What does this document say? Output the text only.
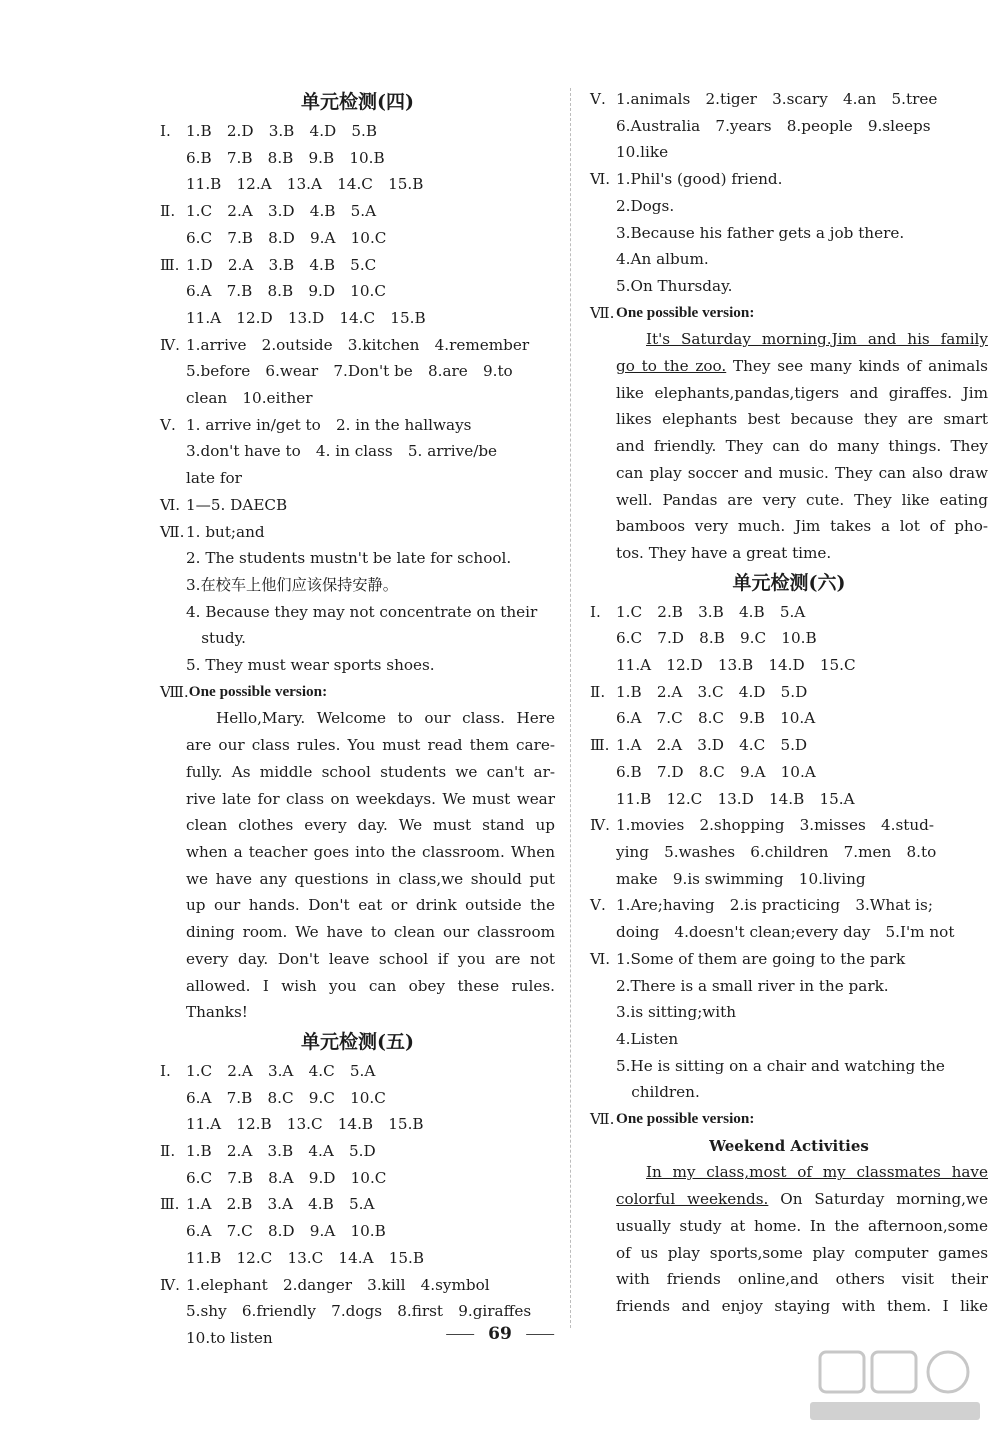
单元检测(四)
Ⅰ. 1.B　2.D　3.B　4.D　5.B
6.B　7.B　8.B　9.B　10.B
11.B　12.A　13.A　14.C　15.B
Ⅱ. 1.C　2.A　3.D　4.B　5.A
6.C　7.B　8.D　9.A　10.C
Ⅲ. 1.D　2.A　3.B　4.B　5.C
6.A　7.B　8.B　9.D　10.C
11.A　12.D　13.D　14.C　15.B
Ⅳ. 1.arrive　2.outside　3.kitchen　4.remember
5.before　6.wear　7.Don't be　8.are　9.to
clean　10.either
Ⅴ. 1. arrive in/get to　2. in the hallways
3.don't have to　4. in class　5. arrive/be
late for
Ⅵ. 1—5. DAECB
Ⅶ. 1. but;and
2. The students mustn't be late for school.
3.在校车上他们应该保持安静。
4. Because they may not concentrate on their
　study.
5. They must wear sports shoes.
Ⅷ. One possible version:
Hello,Mary. Welcome to our class. Here
are our class rules. You must read them care-
fully. As middle school students we can't ar-
rive late for class on weekdays. We must wear
clean clothes every day. We must stand up
when a teacher goes into the classroom. When
we have any questions in class,we should put
up our hands. Don't eat or drink outside the
dining room. We have to clean our classroom
every day. Don't leave school if you are not
allowed. I wish you can obey these rules.
Thanks!
单元检测(五)
Ⅰ. 1.C　2.A　3.A　4.C　5.A
6.A　7.B　8.C　9.C　10.C
11.A　12.B　13.C　14.B　15.B
Ⅱ. 1.B　2.A　3.B　4.A　5.D
6.C　7.B　8.A　9.D　10.C
Ⅲ. 1.A　2.B　3.A　4.B　5.A
6.A　7.C　8.D　9.A　10.B
11.B　12.C　13.C　14.A　15.B
Ⅳ. 1.elephant　2.danger　3.kill　4.symbol
5.shy　6.friendly　7.dogs　8.first　9.giraffes
10.to listen
Ⅴ. 1.animals　2.tiger　3.scary　4.an　5.tree
6.Australia　7.years　8.people　9.sleeps
10.like
Ⅵ. 1.Phil's (good) friend.
2.Dogs.
3.Because his father gets a job there.
4.An album.
5.On Thursday.
Ⅶ. One possible version:
It's Saturday morning.Jim and his family
go to the zoo. They see many kinds of animals
like elephants,pandas,tigers and giraffes. Jim
likes elephants best because they are smart
and friendly. They can do many things. They
can play soccer and music. They can also draw
well. Pandas are very cute. They like eating
bamboos very much. Jim takes a lot of pho-
tos. They have a great time.
单元检测(六)
Ⅰ. 1.C　2.B　3.B　4.B　5.A
6.C　7.D　8.B　9.C　10.B
11.A　12.D　13.B　14.D　15.C
Ⅱ. 1.B　2.A　3.C　4.D　5.D
6.A　7.C　8.C　9.B　10.A
Ⅲ. 1.A　2.A　3.D　4.C　5.D
6.B　7.D　8.C　9.A　10.A
11.B　12.C　13.D　14.B　15.A
Ⅳ. 1.movies　2.shopping　3.misses　4.stud-
ying　5.washes　6.children　7.men　8.to
make　9.is swimming　10.living
Ⅴ. 1.Are;having　2.is practicing　3.What is;
doing　4.doesn't clean;every day　5.I'm not
Ⅵ. 1.Some of them are going to the park
2.There is a small river in the park.
3.is sitting;with
4.Listen
5.He is sitting on a chair and watching the
　children.
Ⅶ. One possible version:
Weekend Activities
In my class,most of my classmates have
colorful weekends. On Saturday morning,we
usually study at home. In the afternoon,some
of us play sports,some play computer games
with friends online,and others visit their
friends and enjoy staying with them. I like
69
